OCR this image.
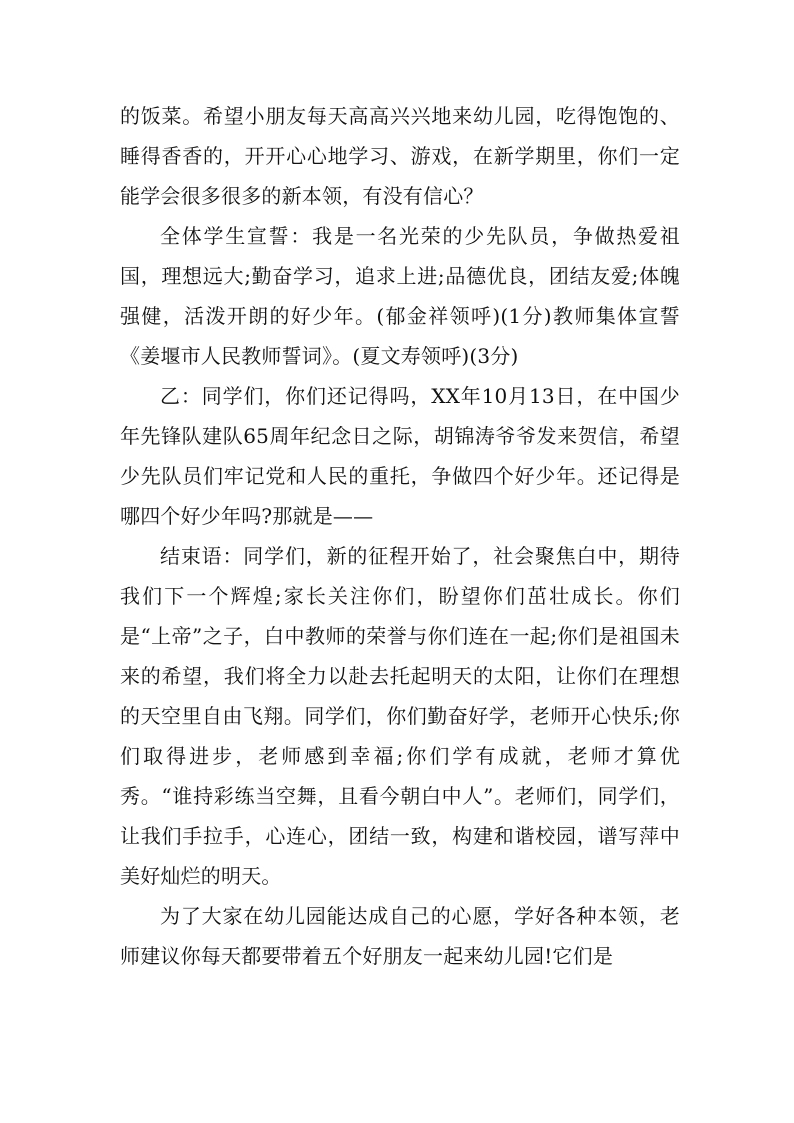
的饭菜。希望小朋友每天高高兴兴地来幼儿园，吃得饱饱的、睡得香香的，开开心心地学习、游戏，在新学期里，你们一定能学会很多很多的新本领，有没有信心？

全体学生宣誓：我是一名光荣的少先队员，争做热爱祖国，理想远大;勤奋学习，追求上进;品德优良，团结友爱;体魄强健，活泼开朗的好少年。(郁金祥领呼)(1分)教师集体宣誓《姜堰市人民教师誓词》。(夏文寿领呼)(3分)

乙：同学们，你们还记得吗，XX年10月13日，在中国少年先锋队建队65周年纪念日之际，胡锦涛爷爷发来贺信，希望少先队员们牢记党和人民的重托，争做四个好少年。还记得是哪四个好少年吗?那就是——

结束语：同学们，新的征程开始了，社会聚焦白中，期待我们下一个辉煌;家长关注你们，盼望你们茁壮成长。你们是“上帝”之子，白中教师的荣誉与你们连在一起;你们是祖国未来的希望，我们将全力以赴去托起明天的太阳，让你们在理想的天空里自由飞翔。同学们，你们勤奋好学，老师开心快乐;你们取得进步，老师感到幸福;你们学有成就，老师才算优秀。“谁持彩练当空舞，且看今朝白中人”。老师们，同学们，让我们手拉手，心连心，团结一致，构建和谐校园，谱写萍中美好灿烂的明天。

为了大家在幼儿园能达成自己的心愿，学好各种本领，老师建议你每天都要带着五个好朋友一起来幼儿园!它们是
